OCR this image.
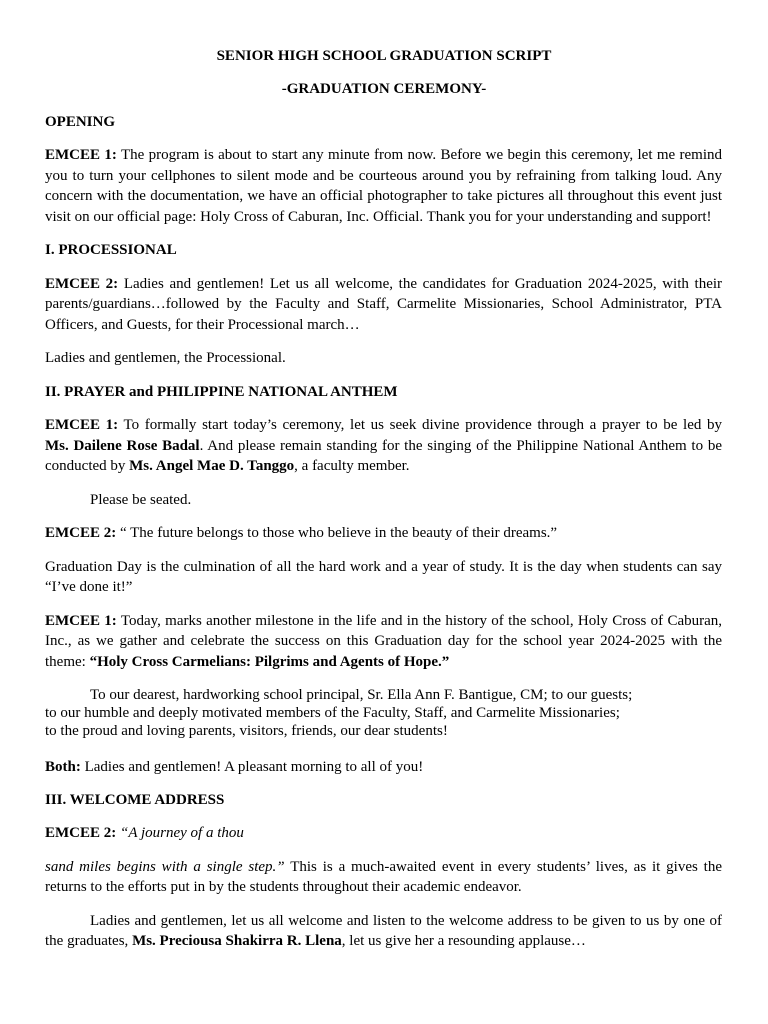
SENIOR HIGH SCHOOL GRADUATION SCRIPT
-GRADUATION CEREMONY-
OPENING
EMCEE 1: The program is about to start any minute from now. Before we begin this ceremony, let me remind
you to turn your cellphones to silent mode and be courteous around you by refraining from talking loud. Any
concern with the documentation, we have an official photographer to take pictures all throughout this event just
visit on our official page: Holy Cross of Caburan, Inc. Official. Thank you for your understanding and support!
I. PROCESSIONAL
EMCEE 2: Ladies and gentlemen! Let us all welcome, the candidates for Graduation 2024-2025, with their
parents/guardians…followed by the Faculty and Staff, Carmelite Missionaries, School Administrator, PTA
Officers, and Guests, for their Processional march…
Ladies and gentlemen, the Processional.
II. PRAYER and PHILIPPINE NATIONAL ANTHEM
EMCEE 1: To formally start today’s ceremony, let us seek divine providence through a prayer to be led by
Ms. Dailene Rose Badal. And please remain standing for the singing of the Philippine National Anthem to be
conducted by Ms. Angel Mae D. Tanggo, a faculty member.
Please be seated.
EMCEE 2: “ The future belongs to those who believe in the beauty of their dreams.”
Graduation Day is the culmination of all the hard work and a year of study. It is the day when students can say
“I’ve done it!”
EMCEE 1: Today, marks another milestone in the life and in the history of the school, Holy Cross of Caburan,
Inc., as we gather and celebrate the success on this Graduation day for the school year 2024-2025 with the
theme: “Holy Cross Carmelians: Pilgrims and Agents of Hope.”
To our dearest, hardworking school principal, Sr. Ella Ann F. Bantigue, CM; to our guests;
to our humble and deeply motivated members of the Faculty, Staff, and Carmelite Missionaries;
to the proud and loving parents, visitors, friends, our dear students!
Both: Ladies and gentlemen! A pleasant morning to all of you!
III. WELCOME ADDRESS
EMCEE 2: “A journey of a thou
sand miles begins with a single step.” This is a much-awaited event in every students’ lives, as it gives the
returns to the efforts put in by the students throughout their academic endeavor.
Ladies and gentlemen, let us all welcome and listen to the welcome address to be given to us by one of
the graduates, Ms. Preciousa Shakirra R. Llena, let us give her a resounding applause…
